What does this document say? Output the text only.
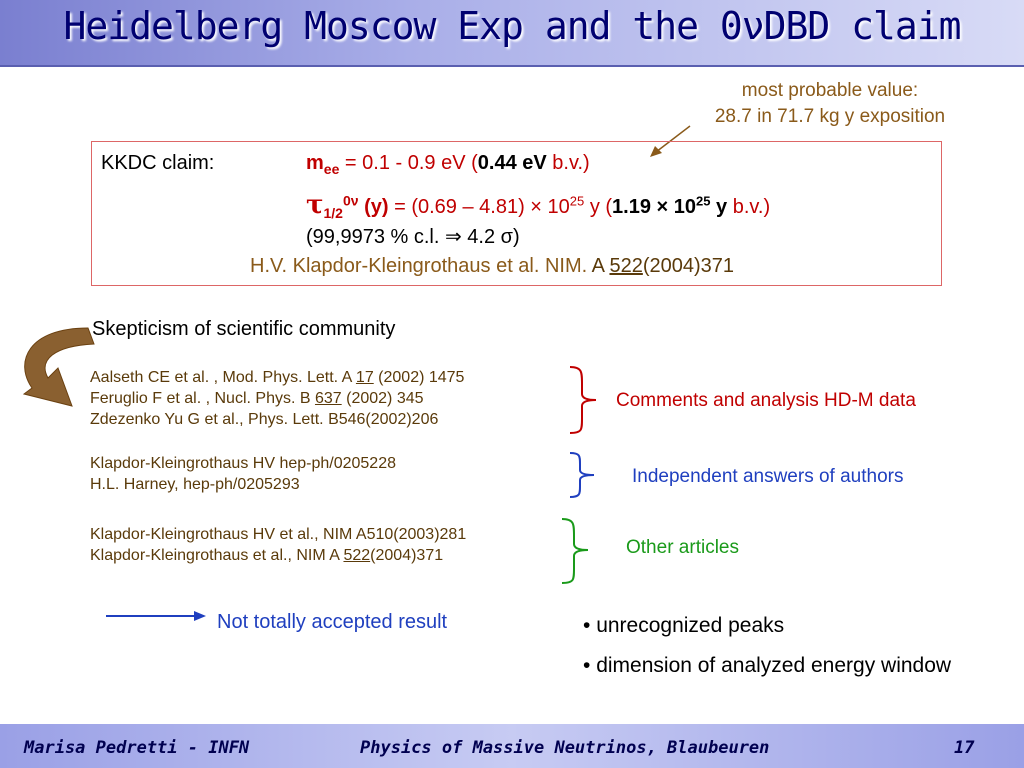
Heidelberg Moscow Exp and the 0νDBD claim
most probable value:
28.7 in 71.7 kg y exposition
KKDC claim:	$m_{ee} = 0.1 - 0.9$ eV (0.44 eV b.v.)
$\tau_{1/2}^{0\nu}$ $(y) = (0.69 - 4.81) \times 10^{25}$ y ($1.19 \times 10^{25}$ y b.v.)
(99,9973 % c.l. ⇒ 4.2 σ)
H.V. Klapdor-Kleingrothaus et al. NIM. A 522(2004)371
Skepticism of scientific community
Aalseth CE et al. , Mod. Phys. Lett. A 17 (2002) 1475
Feruglio F et al. , Nucl. Phys. B 637 (2002) 345
Zdezenko Yu G et al., Phys. Lett. B546(2002)206
Comments and analysis HD-M data
Klapdor-Kleingrothaus HV hep-ph/0205228
H.L. Harney, hep-ph/0205293	Independent answers of authors
Klapdor-Kleingrothaus HV et al., NIM A510(2003)281
Klapdor-Kleingrothaus et al., NIM A 522(2004)371	Other articles
Not totally accepted result	• unrecognized peaks
• dimension of analyzed energy window
Marisa Pedretti - INFN	Physics of Massive Neutrinos, Blaubeuren	17
